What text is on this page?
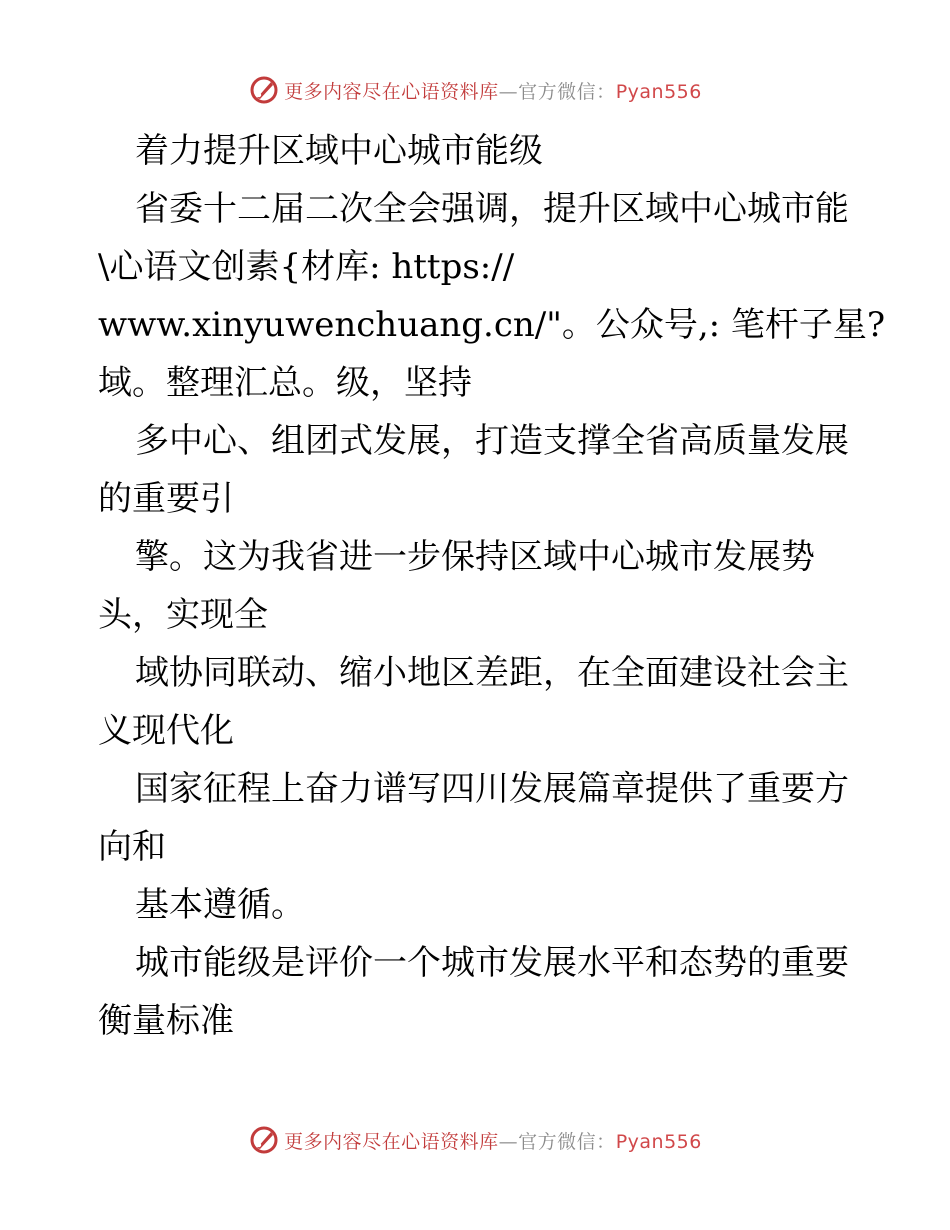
更多内容尽在心语资料库—官方微信：Pyan556
着力提升区域中心城市能级
省委十二届二次全会强调，提升区域中心城市能
\心语文创素{材库: https://
www.xinyuwenchuang.cn/"。公众号,: 笔杆子星?
域。整理汇总。级，坚持
多中心、组团式发展，打造支撑全省高质量发展
的重要引
擎。这为我省进一步保持区域中心城市发展势
头，实现全
域协同联动、缩小地区差距，在全面建设社会主
义现代化
国家征程上奋力谱写四川发展篇章提供了重要方
向和
基本遵循。
城市能级是评价一个城市发展水平和态势的重要
衡量标准
更多内容尽在心语资料库—官方微信：Pyan556
